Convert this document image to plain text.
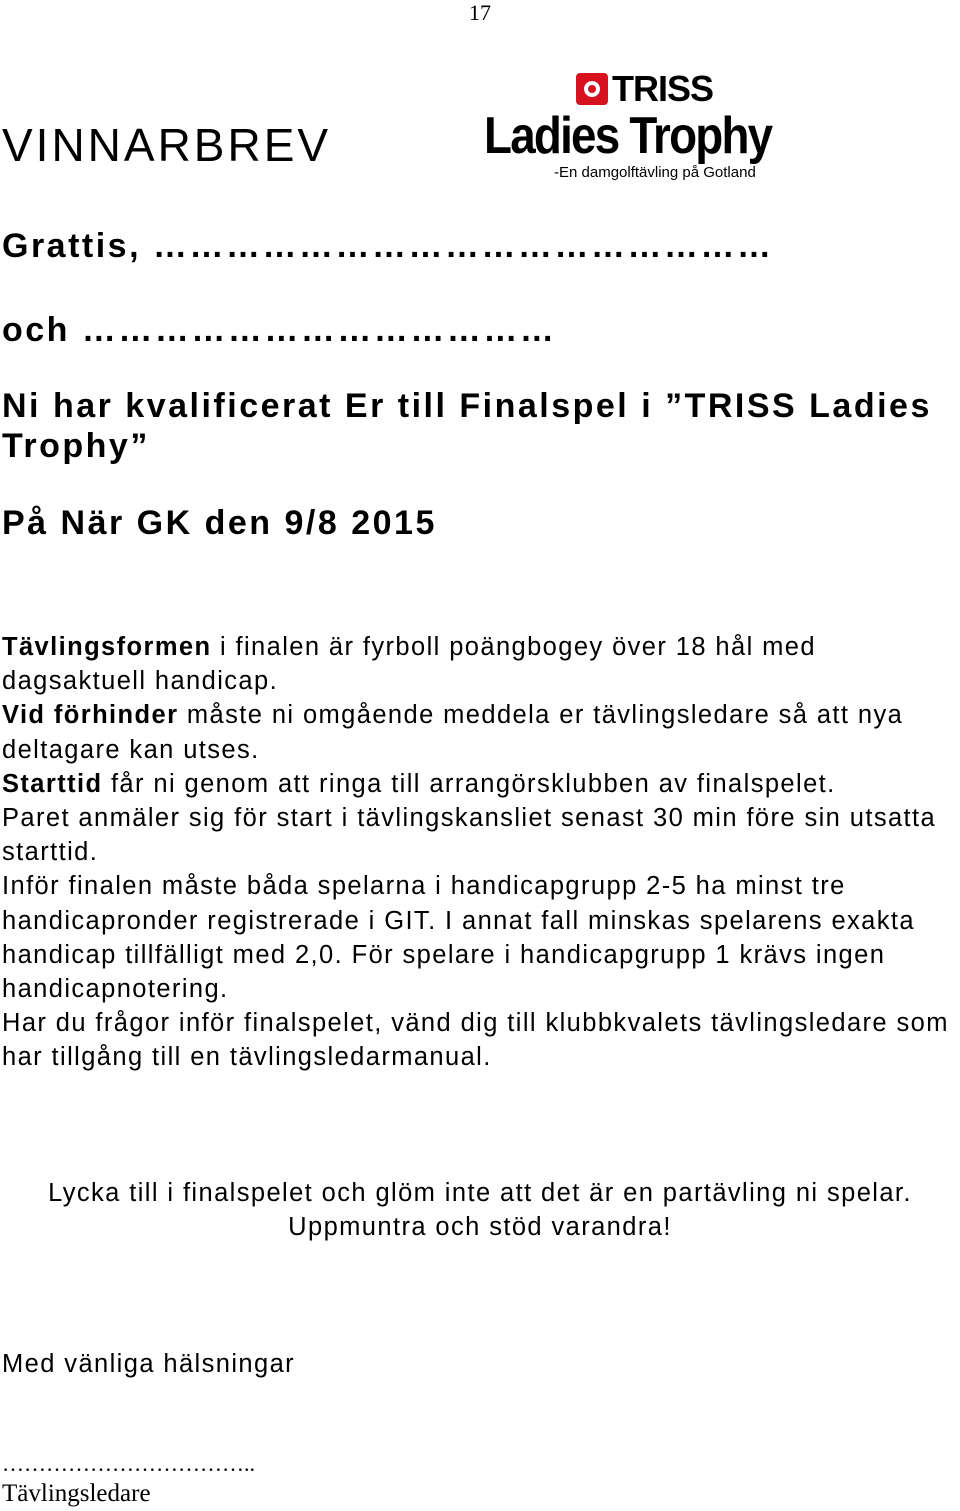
17
VINNARBREV
TRISS
Ladies Trophy
-En damgolftävling på Gotland
Grattis, ……………………………………………
och …………………………………
Ni har kvalificerat Er till Finalspel i ”TRISS Ladies Trophy”
På När GK den 9/8 2015

Tävlingsformen i finalen är fyrboll poängbogey över 18 hål med dagsaktuell handicap.

Vid förhinder måste ni omgående meddela er tävlingsledare så att nya deltagare kan utses.

Starttid får ni genom att ringa till arrangörsklubben av finalspelet.

Paret anmäler sig för start i tävlingskansliet senast 30 min före sin utsatta starttid.

Inför finalen måste båda spelarna i handicapgrupp 2-5 ha minst tre handicapronder registrerade i GIT. I annat fall minskas spelarens exakta handicap tillfälligt med 2,0. För spelare i handicapgrupp 1 krävs ingen handicapnotering.

Har du frågor inför finalspelet, vänd dig till klubbkvalets tävlingsledare som har tillgång till en tävlingsledarmanual.

Lycka till i finalspelet och glöm inte att det är en partävling ni spelar.

Uppmuntra och stöd varandra!

Med vänliga hälsningar
……………………………..
Tävlingsledare
